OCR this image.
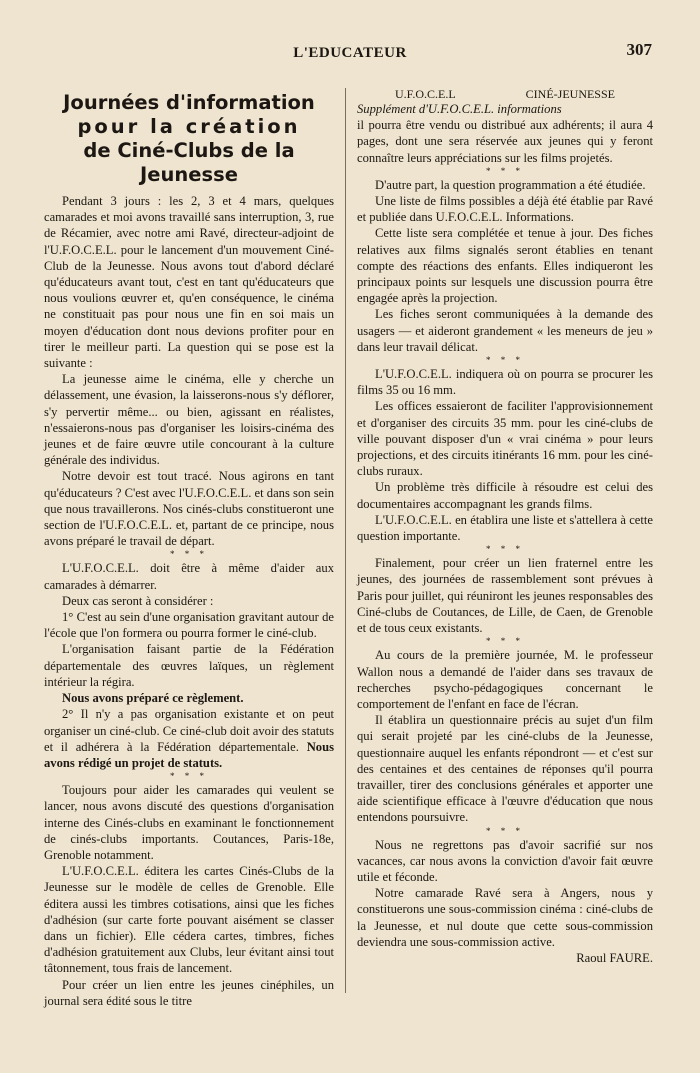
L'EDUCATEUR	307
Journées d'information
pour la création
de Ciné-Clubs de la Jeunesse

Pendant 3 jours : les 2, 3 et 4 mars, quelques camarades et moi avons travaillé sans interruption, 3, rue de Récamier, avec notre ami Ravé, directeur-adjoint de l'U.F.O.C.E.L. pour le lancement d'un mouvement Ciné-Club de la Jeunesse. Nous avons tout d'abord déclaré qu'éducateurs avant tout, c'est en tant qu'éducateurs que nous voulions œuvrer et, qu'en conséquence, le cinéma ne constituait pas pour nous une fin en soi mais un moyen d'éducation dont nous devions profiter pour en tirer le meilleur parti. La question qui se pose est la suivante :

La jeunesse aime le cinéma, elle y cherche un délassement, une évasion, la laisserons-nous s'y déflorer, s'y pervertir même... ou bien, agissant en réalistes, n'essaierons-nous pas d'organiser les loisirs-cinéma des jeunes et de faire œuvre utile concourant à la culture générale des individus.

Notre devoir est tout tracé. Nous agirons en tant qu'éducateurs ? C'est avec l'U.F.O.C.E.L. et dans son sein que nous travaillerons. Nos cinés-clubs constitueront une section de l'U.F.O.C.E.L. et, partant de ce principe, nous avons préparé le travail de départ.

* * *

L'U.F.O.C.E.L. doit être à même d'aider aux camarades à démarrer.

Deux cas seront à considérer :

1° C'est au sein d'une organisation gravitant autour de l'école que l'on formera ou pourra former le ciné-club.

L'organisation faisant partie de la Fédération départementale des œuvres laïques, un règlement intérieur la régira.

Nous avons préparé ce règlement.

2° Il n'y a pas organisation existante et on peut organiser un ciné-club. Ce ciné-club doit avoir des statuts et il adhérera à la Fédération départementale. Nous avons rédigé un projet de statuts.

* * *

Toujours pour aider les camarades qui veulent se lancer, nous avons discuté des questions d'organisation interne des Cinés-clubs en examinant le fonctionnement de cinés-clubs importants. Coutances, Paris-18e, Grenoble notamment.

L'U.F.O.C.E.L. éditera les cartes Cinés-Clubs de la Jeunesse sur le modèle de celles de Grenoble. Elle éditera aussi les timbres cotisations, ainsi que les fiches d'adhésion (sur carte forte pouvant aisément se classer dans un fichier). Elle cédera cartes, timbres, fiches d'adhésion gratuitement aux Clubs, leur évitant ainsi tout tâtonnement, tous frais de lancement.

Pour créer un lien entre les jeunes cinéphiles, un journal sera édité sous le titre

U.F.O.C.E.L	CINÉ-JEUNESSE

Supplément d'U.F.O.C.E.L. informations

il pourra être vendu ou distribué aux adhérents; il aura 4 pages, dont une sera réservée aux jeunes qui y feront connaître leurs appréciations sur les films projetés.

* * *

D'autre part, la question programmation a été étudiée.

Une liste de films possibles a déjà été établie par Ravé et publiée dans U.F.O.C.E.L. Informations.

Cette liste sera complétée et tenue à jour. Des fiches relatives aux films signalés seront établies en tenant compte des réactions des enfants. Elles indiqueront les principaux points sur lesquels une discussion pourra être engagée après la projection.

Les fiches seront communiquées à la demande des usagers — et aideront grandement « les meneurs de jeu » dans leur travail délicat.

* * *

L'U.F.O.C.E.L. indiquera où on pourra se procurer les films 35 ou 16 mm.

Les offices essaieront de faciliter l'approvisionnement et d'organiser des circuits 35 mm. pour les ciné-clubs de ville pouvant disposer d'un « vrai cinéma » pour leurs projections, et des circuits itinérants 16 mm. pour les ciné-clubs ruraux.

Un problème très difficile à résoudre est celui des documentaires accompagnant les grands films.

L'U.F.O.C.E.L. en établira une liste et s'attellera à cette question importante.

* * *

Finalement, pour créer un lien fraternel entre les jeunes, des journées de rassemblement sont prévues à Paris pour juillet, qui réuniront les jeunes responsables des Ciné-clubs de Coutances, de Lille, de Caen, de Grenoble et de tous ceux existants.

* * *

Au cours de la première journée, M. le professeur Wallon nous a demandé de l'aider dans ses travaux de recherches psycho-pédagogiques concernant le comportement de l'enfant en face de l'écran.

Il établira un questionnaire précis au sujet d'un film qui serait projeté par les ciné-clubs de la Jeunesse, questionnaire auquel les enfants répondront — et c'est sur des centaines et des centaines de réponses qu'il pourra travailler, tirer des conclusions générales et apporter une aide scientifique efficace à l'œuvre d'éducation que nous entendons poursuivre.

* * *

Nous ne regrettons pas d'avoir sacrifié sur nos vacances, car nous avons la conviction d'avoir fait œuvre utile et féconde.

Notre camarade Ravé sera à Angers, nous y constituerons une sous-commission cinéma : ciné-clubs de la Jeunesse, et nul doute que cette sous-commission deviendra une sous-commission active.

Raoul FAURE.
